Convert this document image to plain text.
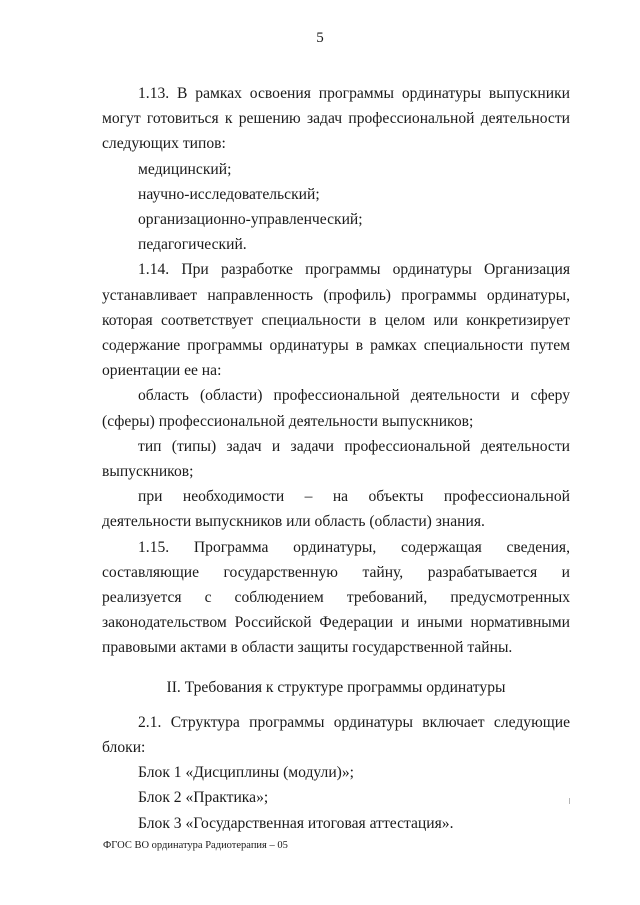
5

1.13. В рамках освоения программы ординатуры выпускники могут готовиться к решению задач профессиональной деятельности следующих типов:

медицинский;

научно-исследовательский;

организационно-управленческий;

педагогический.

1.14. При разработке программы ординатуры Организация устанавливает направленность (профиль) программы ординатуры, которая соответствует специальности в целом или конкретизирует содержание программы ординатуры в рамках специальности путем ориентации ее на:

область (области) профессиональной деятельности и сферу (сферы) профессиональной деятельности выпускников;

тип (типы) задач и задачи профессиональной деятельности выпускников;

при необходимости – на объекты профессиональной деятельности выпускников или область (области) знания.

1.15. Программа ординатуры, содержащая сведения, составляющие государственную тайну, разрабатывается и реализуется с соблюдением требований, предусмотренных законодательством Российской Федерации и иными нормативными правовыми актами в области защиты государственной тайны.

II. Требования к структуре программы ординатуры

2.1. Структура программы ординатуры включает следующие блоки:

Блок 1 «Дисциплины (модули)»;

Блок 2 «Практика»;

Блок 3 «Государственная итоговая аттестация».

ФГОС ВО ординатура Радиотерапия – 05
